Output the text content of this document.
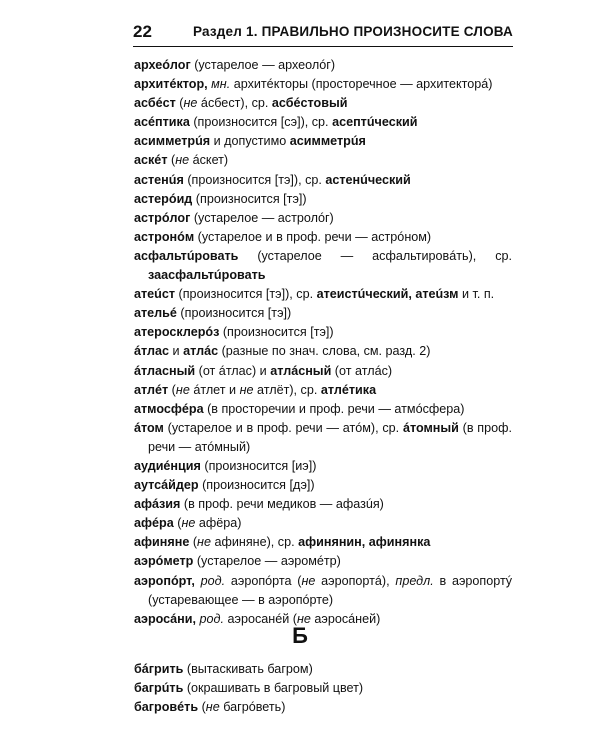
22	Раздел 1. ПРАВИЛЬНО ПРОИЗНОСИТЕ СЛОВА

археóлог (устарелое — археолóг)

архитéктор, мн. архитéкторы (просторечное — архитекторá)

асбéст (не áсбест), ср. асбéстовый

асéптика (произносится [сэ]), ср. асептúческий

асимметрúя и допустимо асимметрúя

аскéт (не áскет)

астенúя (произносится [тэ]), ср. астенúческий

астерóид (произносится [тэ])

астрóлог (устарелое — астролóг)

астронóм (устарелое и в проф. речи — астрóном)

асфальтúровать (устарелое — асфальтировáть), ср. заасфальтúровать

атеúст (произносится [тэ]), ср. атеистúческий, атеúзм и т. п.

ательé (произносится [тэ])

атеросклерóз (произносится [тэ])

áтлас и атлáс (разные по знач. слова, см. разд. 2)

áтласный (от áтлас) и атлáсный (от атлáс)

атлéт (не áтлет и не атлёт), ср. атлéтика

атмосфéра (в просторечии и проф. речи — атмóсфера)

áтом (устарелое и в проф. речи — атóм), ср. áтомный (в проф. речи — атóмный)

аудиéнция (произносится [иэ])

аутсáйдер (произносится [дэ])

афáзия (в проф. речи медиков — афазúя)

афéра (не афёра)

афинянe (не афиняне), ср. афинянин, афинянка

аэрóметр (устарелое — аэромéтр)

аэропóрт, род. аэропóрта (не аэропортá), предл. в аэропортý (устаревающее — в аэропóрте)

аэросáни, род. аэросанéй (не аэросáней)

Б

бáгрить (вытаскивать багром)

багрúть (окрашивать в багровый цвет)

багровéть (не багрóветь)
